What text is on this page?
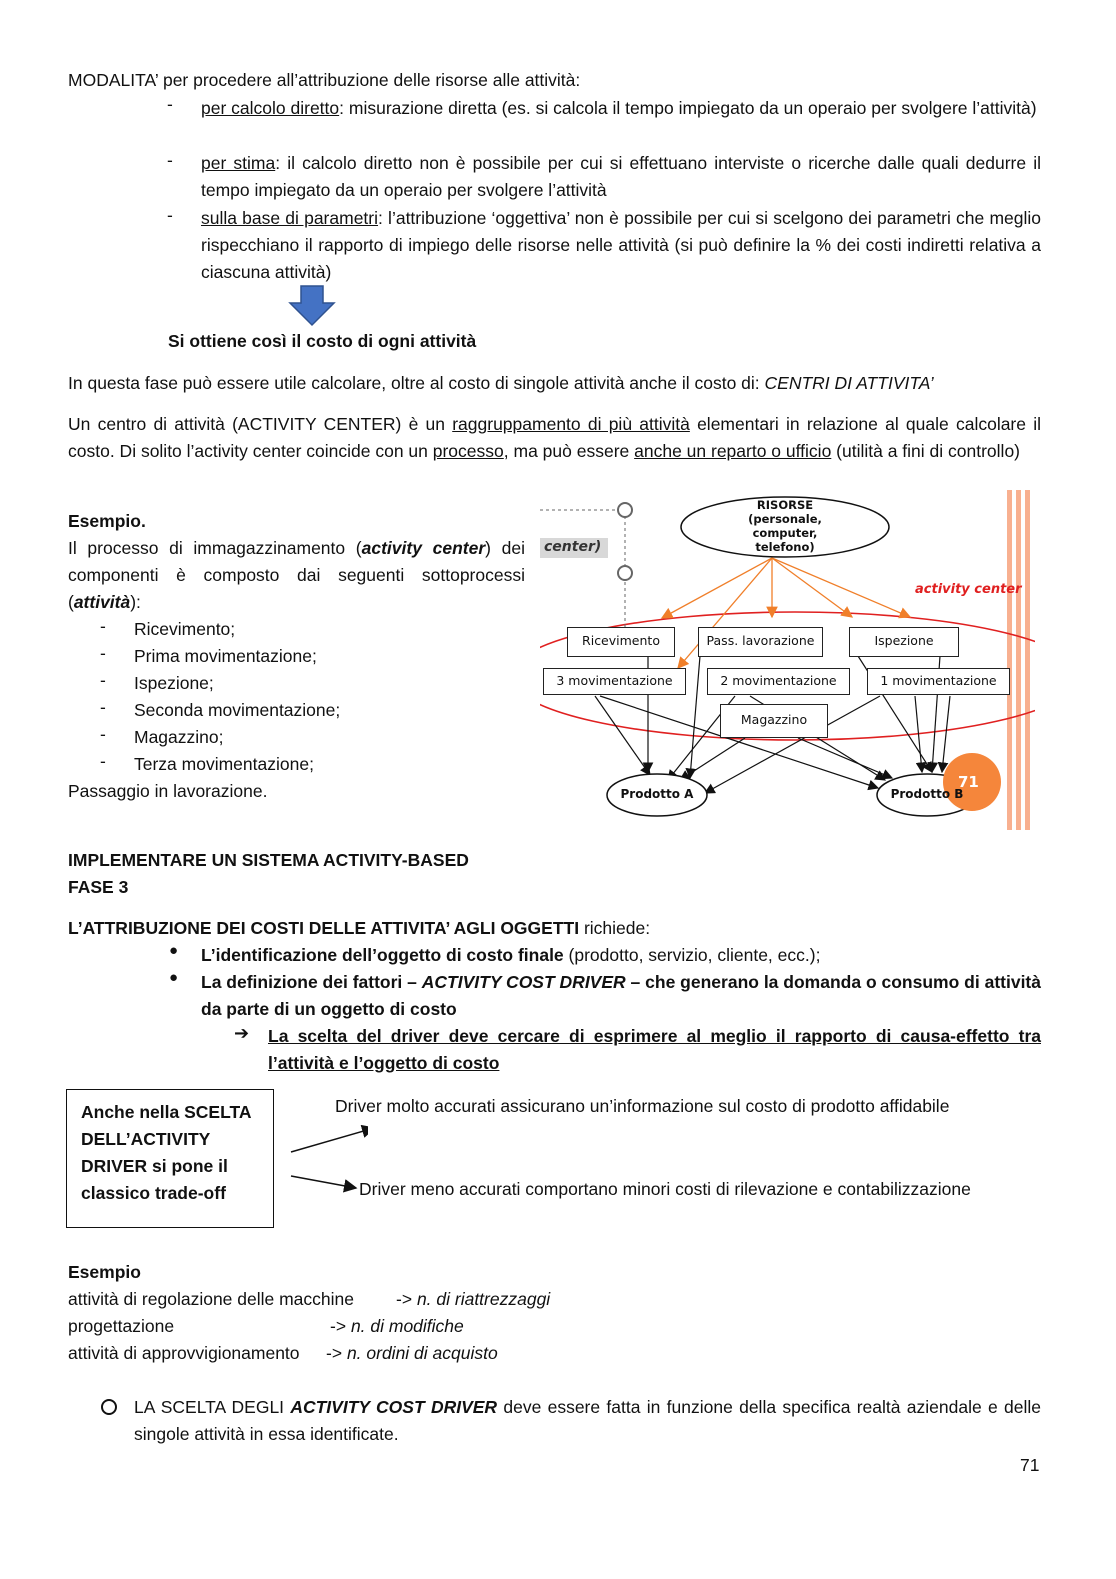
MODALITA’ per procedere all’attribuzione delle risorse alle attività:
- per calcolo diretto: misurazione diretta (es. si calcola il tempo impiegato da un operaio per svolgere l’attività)
- per stima: il calcolo diretto non è possibile per cui si effettuano interviste o ricerche dalle quali dedurre il tempo impiegato da un operaio per svolgere l’attività
- sulla base di parametri: l’attribuzione ‘oggettiva’ non è possibile per cui si scelgono dei parametri che meglio rispecchiano il rapporto di impiego delle risorse nelle attività (si può definire la % dei costi indiretti relativa a ciascuna attività)
Si ottiene così il costo di ogni attività
In questa fase può essere utile calcolare, oltre al costo di singole attività anche il costo di: CENTRI DI ATTIVITA’
Un centro di attività (ACTIVITY CENTER) è un raggruppamento di più attività elementari in relazione al quale calcolare il costo. Di solito l’activity center coincide con un processo, ma può essere anche un reparto o ufficio (utilità a fini di controllo)
Esempio.
Il processo di immagazzinamento (activity center) dei componenti è composto dai seguenti sottoprocessi (attività):
- Ricevimento;
- Prima movimentazione;
- Ispezione;
- Seconda movimentazione;
- Magazzino;
- Terza movimentazione;
Passaggio in lavorazione.
center)
RISORSE
(personale,
computer,
telefono)
activity center
Ricevimento	Pass. lavorazione	Ispezione
3 movimentazione	2 movimentazione	1 movimentazione
Magazzino
Prodotto A	Prodotto B
71
IMPLEMENTARE UN SISTEMA ACTIVITY-BASED
FASE 3
L’ATTRIBUZIONE DEI COSTI DELLE ATTIVITA’ AGLI OGGETTI richiede:
● L’identificazione dell’oggetto di costo finale (prodotto, servizio, cliente, ecc.);
● La definizione dei fattori – ACTIVITY COST DRIVER – che generano la domanda o consumo di attività da parte di un oggetto di costo
➔ La scelta del driver deve cercare di esprimere al meglio il rapporto di causa-effetto tra l’attività e l’oggetto di costo
Anche nella SCELTA
DELL’ACTIVITY
DRIVER si pone il
classico trade-off
Driver molto accurati assicurano un’informazione sul costo di prodotto affidabile
Driver meno accurati comportano minori costi di rilevazione e contabilizzazione
Esempio
attività di regolazione delle macchine -> n. di riattrezzaggi
progettazione	-> n. di modifiche
attività di approvvigionamento -> n. ordini di acquisto
LA SCELTA DEGLI ACTIVITY COST DRIVER deve essere fatta in funzione della specifica realtà aziendale e delle singole attività in essa identificate.
71
